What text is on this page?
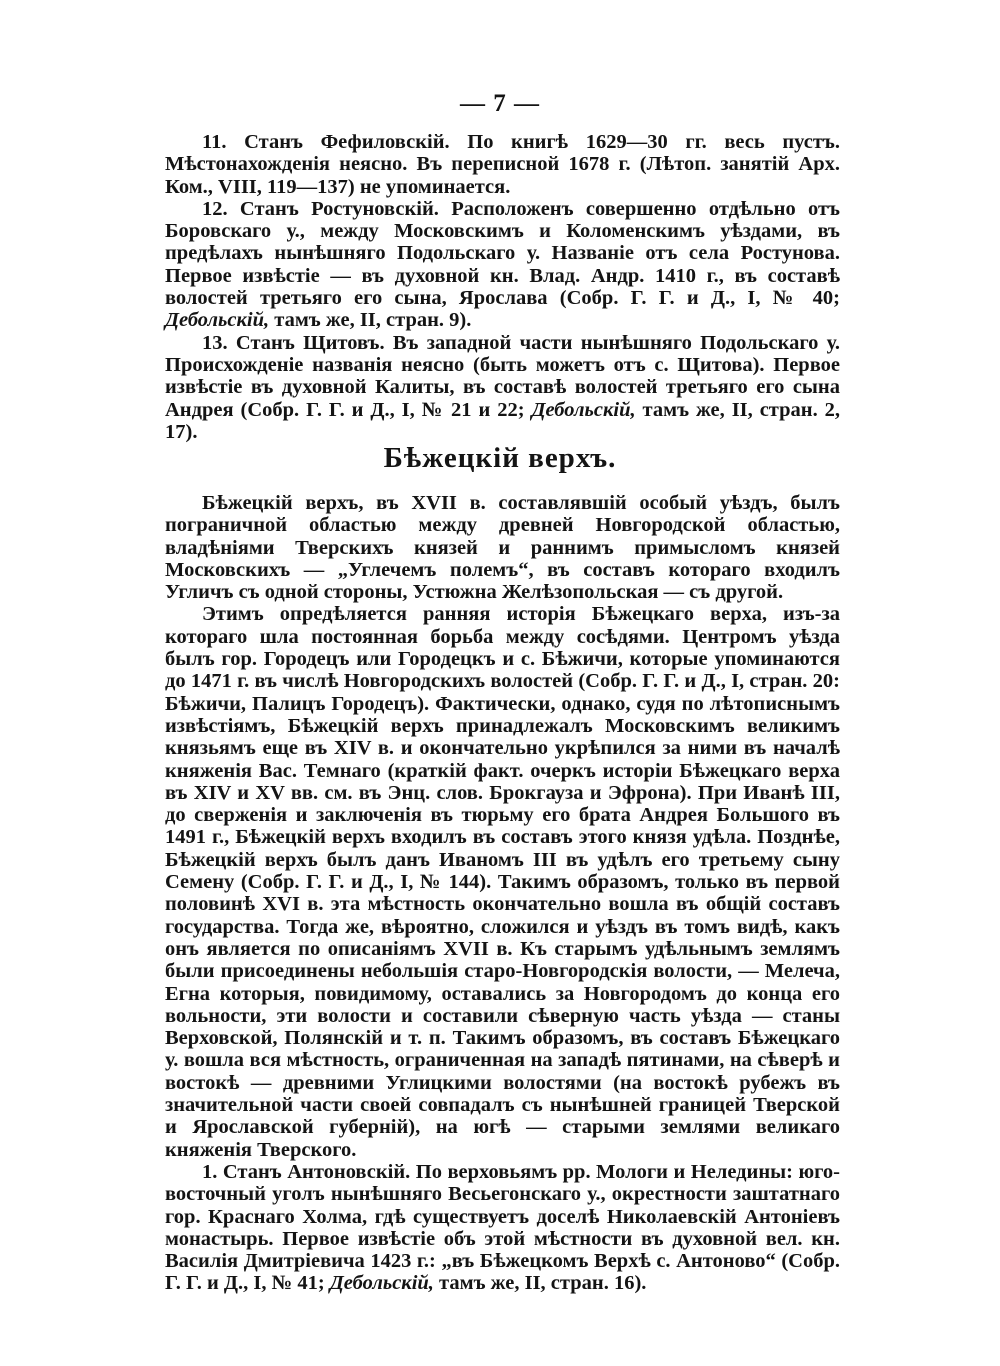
— 7 —

11. Станъ Фефиловскій. По книгѣ 1629—30 гг. весь пустъ. Мѣстонахожденія неясно. Въ переписной 1678 г. (Лѣтоп. занятій Арх. Ком., VIII, 119—137) не упоминается.

12. Станъ Ростуновскій. Расположенъ совершенно отдѣльно отъ Боровскаго у., между Московскимъ и Коломенскимъ уѣздами, въ предѣлахъ нынѣшняго Подольскаго у. Названіе отъ села Ростунова. Первое извѣстіе — въ духовной кн. Влад. Андр. 1410 г., въ составѣ волостей третьяго его сына, Ярослава (Собр. Г. Г. и Д., I, № 40; Дебольскій, тамъ же, II, стран. 9).

13. Станъ Щитовъ. Въ западной части нынѣшняго Подольскаго у. Происхожденіе названія неясно (быть можетъ отъ с. Щитова). Первое извѣстіе въ духовной Калиты, въ составѣ волостей третьяго его сына Андрея (Собр. Г. Г. и Д., I, № 21 и 22; Дебольскій, тамъ же, II, стран. 2, 17).

Бѣжецкій верхъ.

Бѣжецкій верхъ, въ XVII в. составлявшій особый уѣздъ, былъ пограничной областью между древней Новгородской областью, владѣніями Тверскихъ князей и раннимъ примысломъ князей Московскихъ — „Углечемъ полемъ“, въ составъ котораго входилъ Угличъ съ одной стороны, Устюжна Желѣзопольская — съ другой.

Этимъ опредѣляется ранняя исторія Бѣжецкаго верха, изъ-за котораго шла постоянная борьба между сосѣдями. Центромъ уѣзда былъ гор. Городецъ или Городецкъ и с. Бѣжичи, которые упоминаются до 1471 г. въ числѣ Новгородскихъ волостей (Собр. Г. Г. и Д., I, стран. 20: Бѣжичи, Палицъ Городецъ). Фактически, однако, судя по лѣтописнымъ извѣстіямъ, Бѣжецкій верхъ принадлежалъ Московскимъ великимъ князьямъ еще въ XIV в. и окончательно укрѣпился за ними въ началѣ княженія Вас. Темнаго (краткій факт. очеркъ исторіи Бѣжецкаго верха въ XIV и XV вв. см. въ Энц. слов. Брокгауза и Эфрона). При Иванѣ III, до сверженія и заключенія въ тюрьму его брата Андрея Большого въ 1491 г., Бѣжецкій верхъ входилъ въ составъ этого князя удѣла. Позднѣе, Бѣжецкій верхъ былъ данъ Иваномъ III въ удѣлъ его третьему сыну Семену (Собр. Г. Г. и Д., I, № 144). Такимъ образомъ, только въ первой половинѣ XVI в. эта мѣстность окончательно вошла въ общій составъ государства. Тогда же, вѣроятно, сложился и уѣздъ въ томъ видѣ, какъ онъ является по описаніямъ XVII в. Къ старымъ удѣльнымъ землямъ были присоединены небольшія старо-Новгородскія волости, — Мелеча, Егна которыя, повидимому, оставались за Новгородомъ до конца его вольности, эти волости и составили сѣверную часть уѣзда — станы Верховской, Полянскій и т. п. Такимъ образомъ, въ составъ Бѣжецкаго у. вошла вся мѣстность, ограниченная на западѣ пятинами, на сѣверѣ и востокѣ — древними Углицкими волостями (на востокѣ рубежъ въ значительной части своей совпадалъ съ нынѣшней границей Тверской и Ярославской губерній), на югѣ — старыми землями великаго княженія Тверского.

1. Станъ Антоновскій. По верховьямъ рр. Мологи и Неледины: юго-восточный уголъ нынѣшняго Весьегонскаго у., окрестности заштатнаго гор. Краснаго Холма, гдѣ существуетъ доселѣ Николаевскій Антоніевъ монастырь. Первое извѣстіе объ этой мѣстности въ духовной вел. кн. Василія Дмитріевича 1423 г.: „въ Бѣжецкомъ Верхѣ с. Антоново“ (Собр. Г. Г. и Д., I, № 41; Дебольскій, тамъ же, II, стран. 16).
